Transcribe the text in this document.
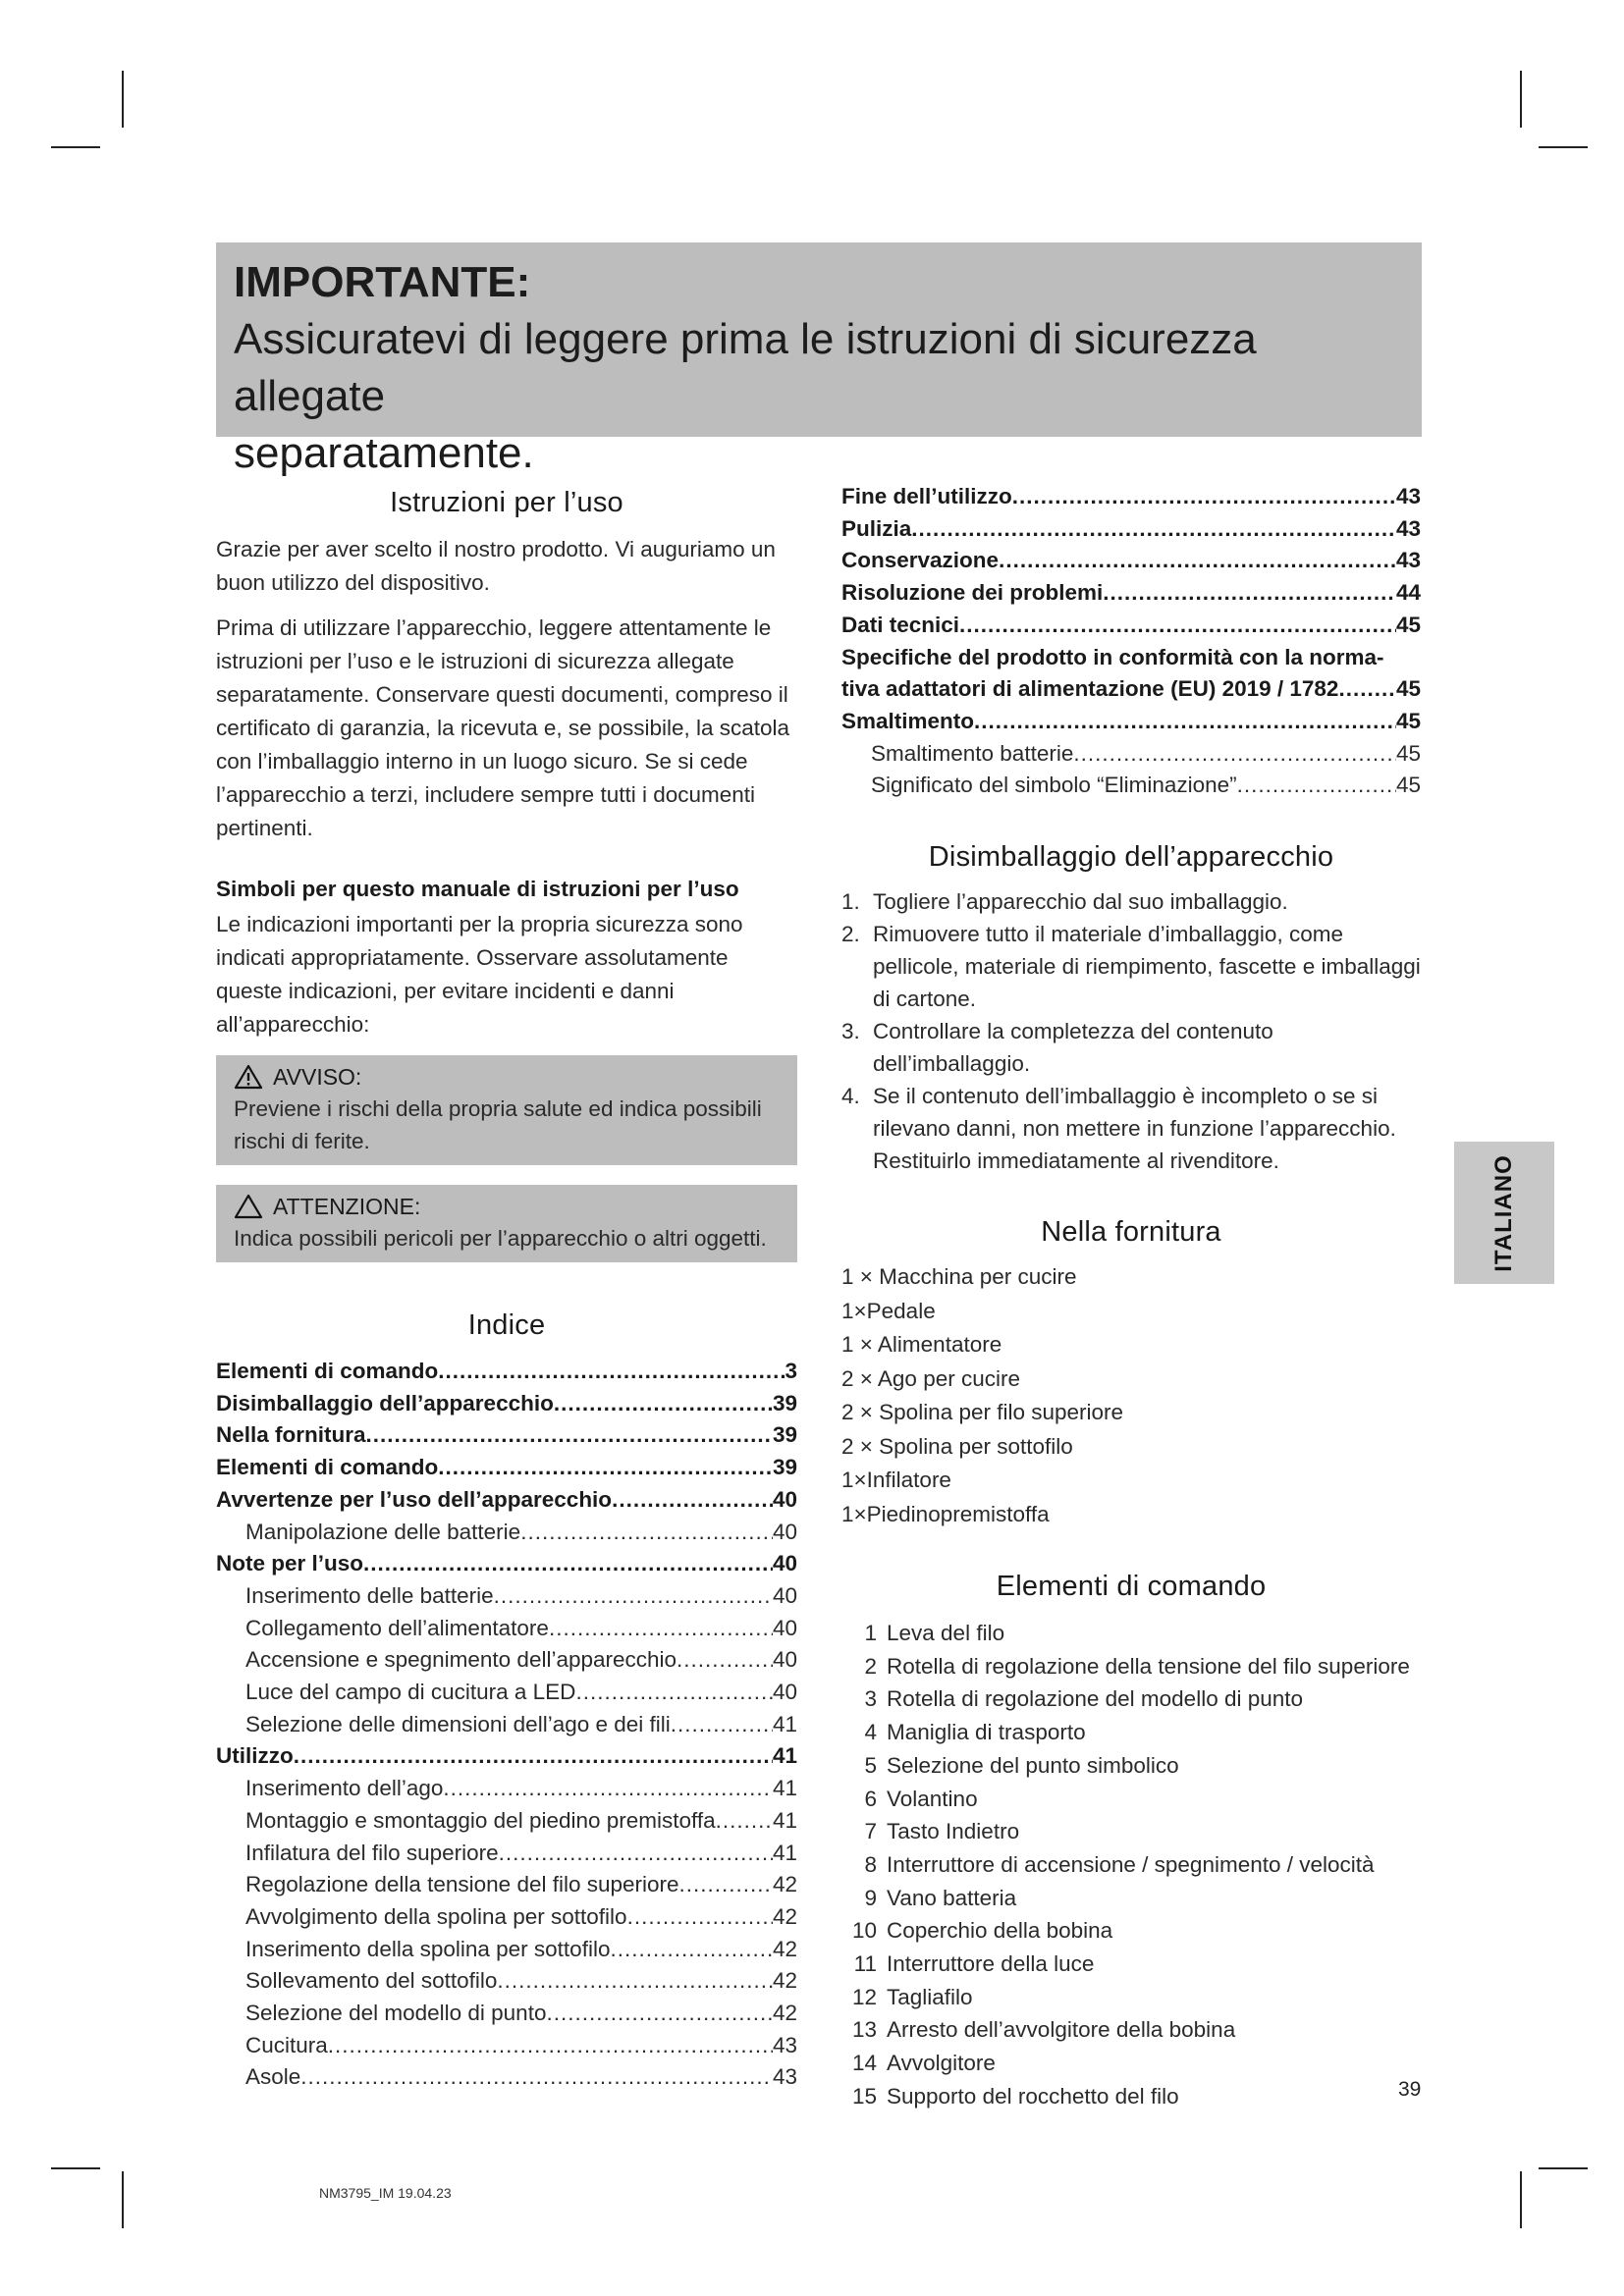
IMPORTANTE:
Assicuratevi di leggere prima le istruzioni di sicurezza allegate
separatamente.
Istruzioni per l’uso

Grazie per aver scelto il nostro prodotto. Vi auguriamo un buon utilizzo del dispositivo.

Prima di utilizzare l’apparecchio, leggere attentamente le istruzioni per l’uso e le istruzioni di sicurezza allegate separatamente. Conservare questi documenti, compreso il certificato di garanzia, la ricevuta e, se possibile, la scatola con l’imballaggio interno in un luogo sicuro. Se si cede l’apparecchio a terzi, includere sempre tutti i documenti pertinenti.

Simboli per questo manuale di istruzioni per l’uso

Le indicazioni importanti per la propria sicurezza sono indicati appropriatamente. Osservare assolutamente queste indicazioni, per evitare incidenti e danni all’apparecchio:

AVVISO:
Previene i rischi della propria salute ed indica possibili rischi di ferite.
ATTENZIONE:
Indica possibili pericoli per l’apparecchio o altri oggetti.
Indice
Elementi di comando .....	3
Disimballaggio dell’apparecchio .....	39
Nella fornitura .....	39
Elementi di comando .....	39
Avvertenze per l’uso dell’apparecchio .....	40
Manipolazione delle batterie .....	40
Note per l’uso .....	40
Inserimento delle batterie .....	40
Collegamento dell’alimentatore .....	40
Accensione e spegnimento dell’apparecchio .....	40
Luce del campo di cucitura a LED .....	40
Selezione delle dimensioni dell’ago e dei fili .....	41
Utilizzo .....	41
Inserimento dell’ago .....	41
Montaggio e smontaggio del piedino premistoffa .....	41
Infilatura del filo superiore .....	41
Regolazione della tensione del filo superiore .....	42
Avvolgimento della spolina per sottofilo .....	42
Inserimento della spolina per sottofilo .....	42
Sollevamento del sottofilo .....	42
Selezione del modello di punto .....	42
Cucitura .....	43
Asole .....	43
Fine dell’utilizzo .....	43
Pulizia .....	43
Conservazione .....	43
Risoluzione dei problemi .....	44
Dati tecnici .....	45
Specifiche del prodotto in conformità con la norma-
tiva adattatori di alimentazione (EU) 2019 / 1782 .....	45
Smaltimento .....	45
Smaltimento batterie .....	45
Significato del simbolo “Eliminazione” .....	45
Disimballaggio dell’apparecchio
1. Togliere l’apparecchio dal suo imballaggio.
2. Rimuovere tutto il materiale d’imballaggio, come pellicole, materiale di riempimento, fascette e imballaggi di cartone.
3. Controllare la completezza del contenuto dell’imballaggio.
4. Se il contenuto dell’imballaggio è incompleto o se si rilevano danni, non mettere in funzione l’apparecchio. Restituirlo immediatamente al rivenditore.
Nella fornitura
1 × Macchina per cucire
1×Pedale
1 × Alimentatore
2 × Ago per cucire
2 × Spolina per filo superiore
2 × Spolina per sottofilo
1×Infilatore
1×Piedinopremistoffa
Elementi di comando
1 Leva del filo
2 Rotella di regolazione della tensione del filo superiore
3 Rotella di regolazione del modello di punto
4 Maniglia di trasporto
5 Selezione del punto simbolico
6 Volantino
7 Tasto Indietro
8 Interruttore di accensione / spegnimento / velocità
9 Vano batteria
10 Coperchio della bobina
11 Interruttore della luce
12 Tagliafilo
13 Arresto dell’avvolgitore della bobina
14 Avvolgitore
15 Supporto del rocchetto del filo
ITALIANO
39
NM3795_IM 19.04.23
